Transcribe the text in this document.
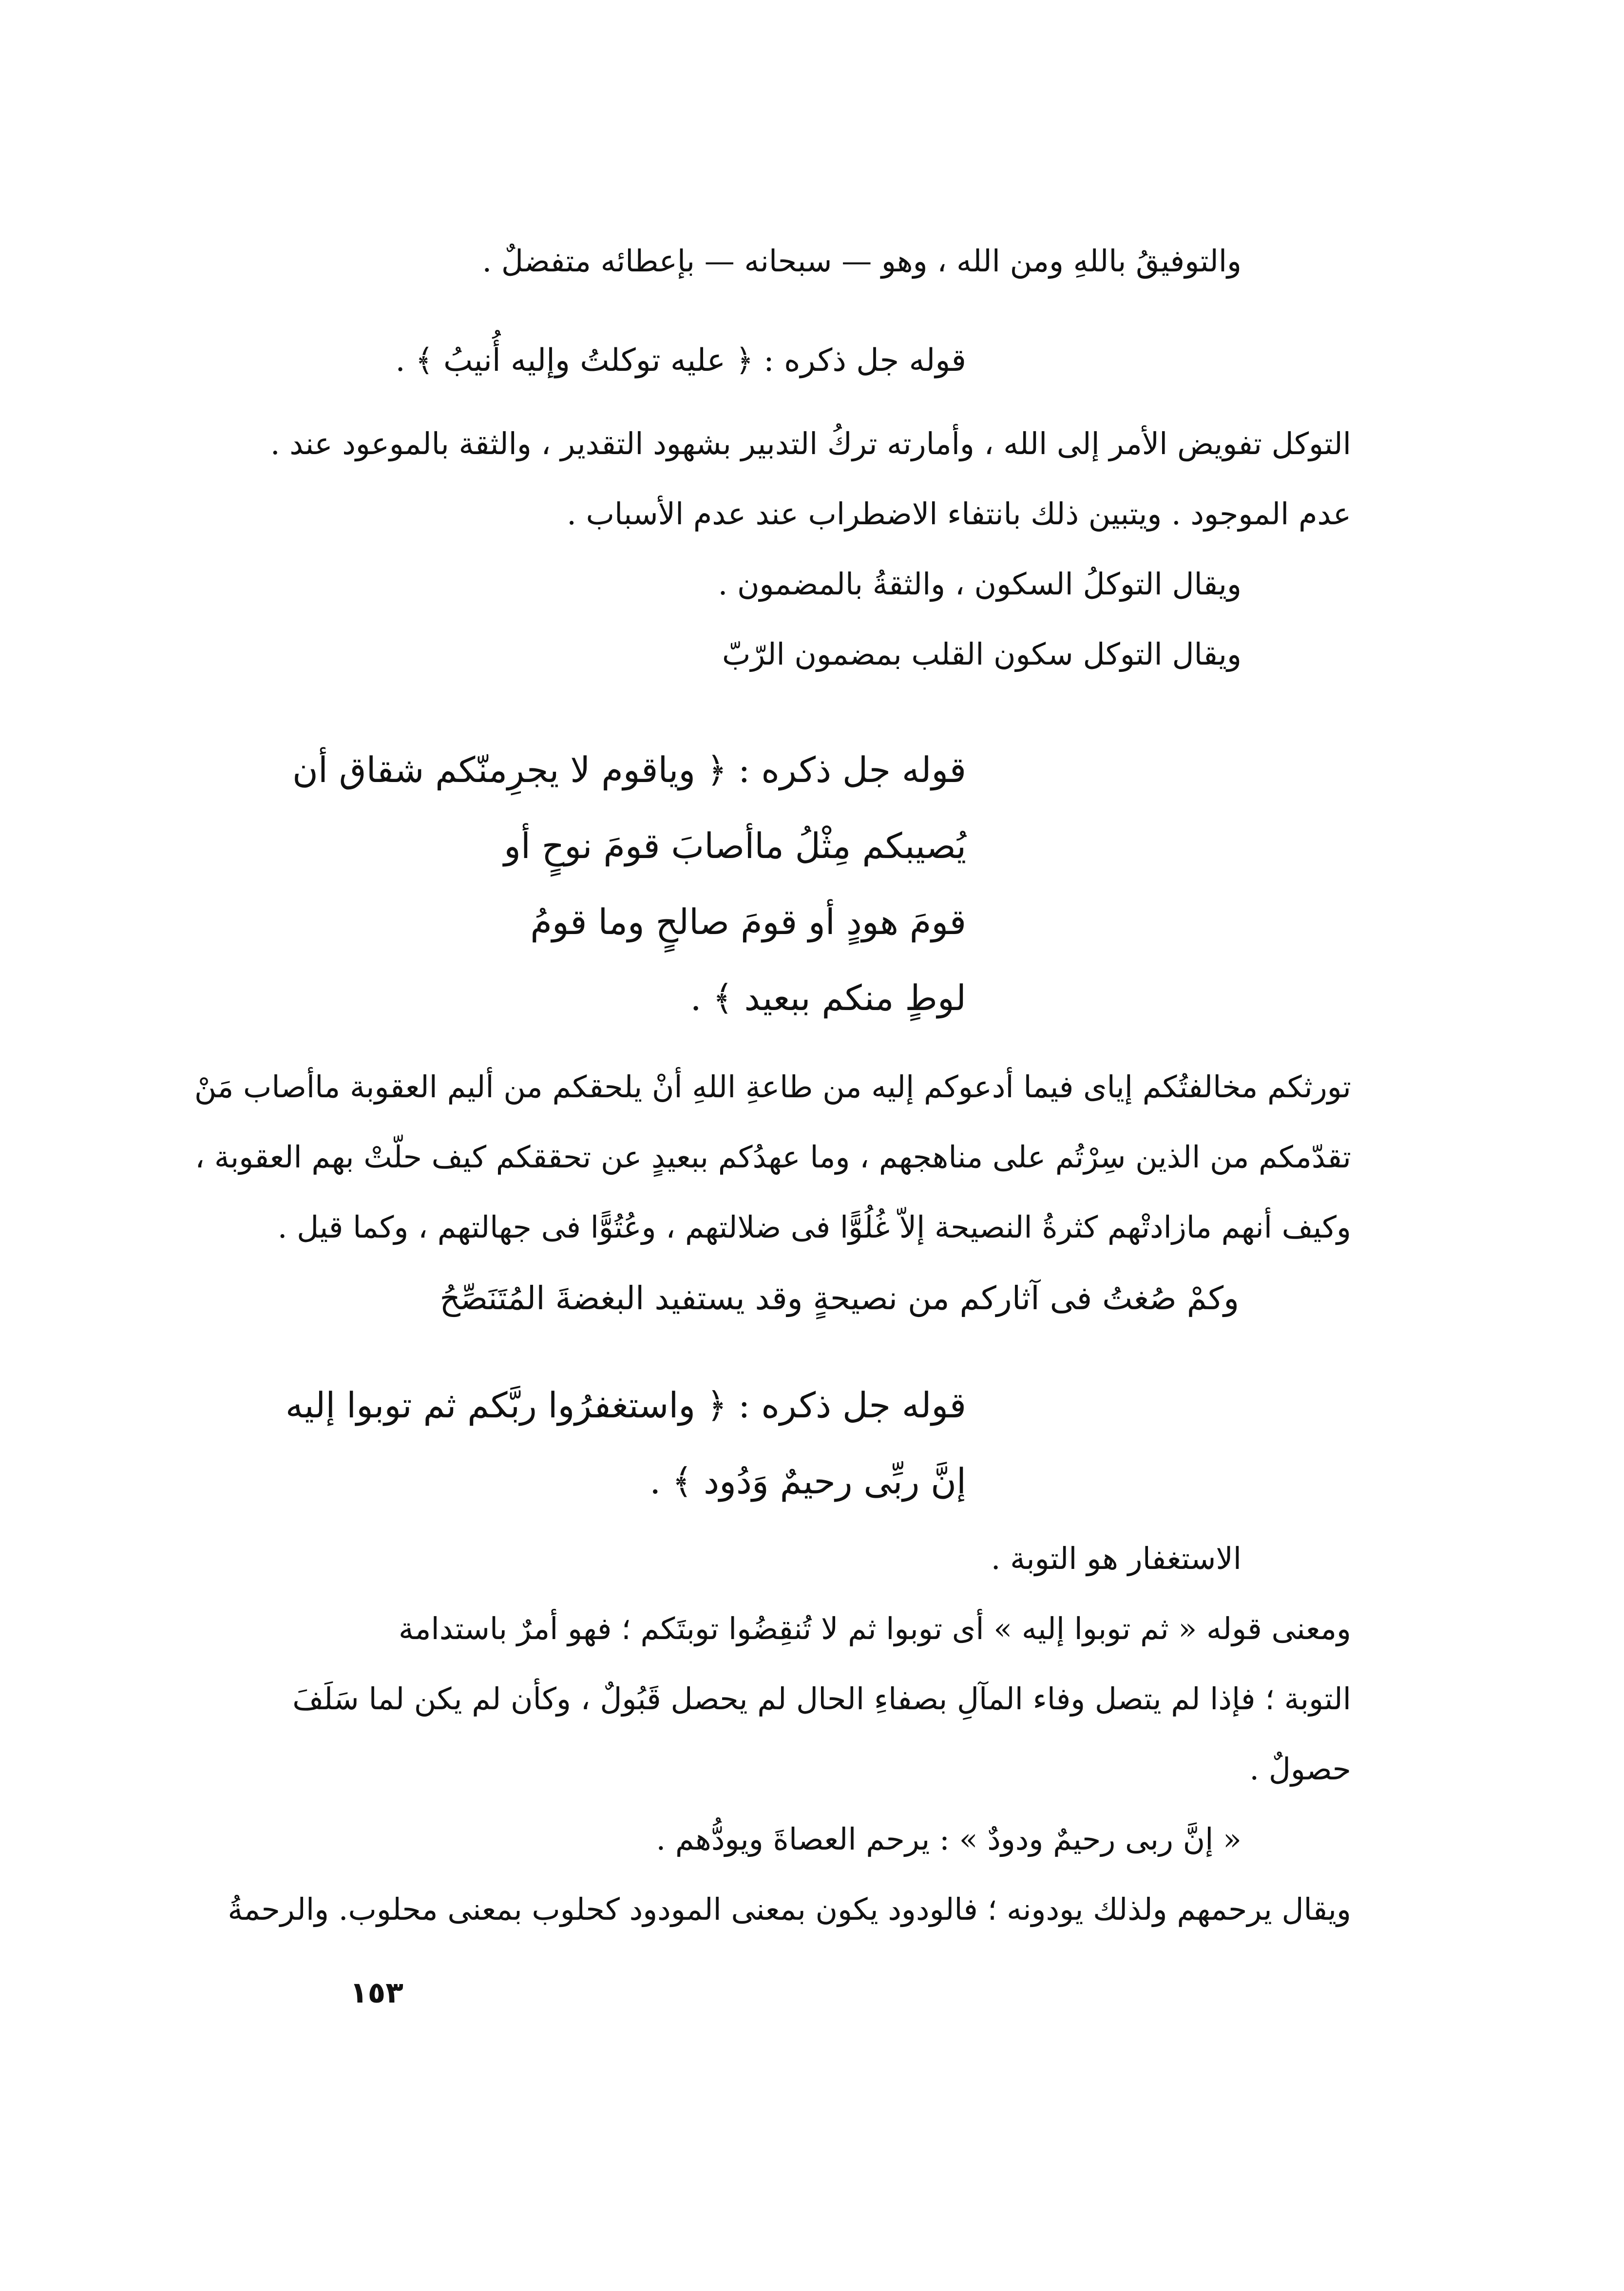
والتوفيقُ باللهِ ومن الله ، وهو — سبحانه — بإعطائه متفضلٌ .
قوله جل ذكره : ﴿ عليه توكلتُ وإليه أُنيبُ ﴾ .
التوكل تفويض الأمر إلى الله ، وأمارته تركُ التدبير بشهود التقدير ، والثقة بالموعود عند .
عدم الموجود . ويتبين ذلك بانتفاء الاضطراب عند عدم الأسباب .
ويقال التوكلُ السكون ، والثقةُ بالمضمون .
ويقال التوكل سكون القلب بمضمون الرّبّ
قوله جل ذكره : ﴿ وياقوم لا يجرِمنّكم شقاق أن
يُصيبكم مِثْلُ ماأصابَ قومَ نوحٍ أو
قومَ هودٍ أو قومَ صالحٍ وما قومُ
لوطٍ منكم ببعيد ﴾ .
تورثكم مخالفتُكم إياى فيما أدعوكم إليه من طاعةِ اللهِ أنْ يلحقكم من أليم العقوبة ماأصاب مَنْ
تقدّمكم من الذين سِرْتُم على مناهجهم ، وما عهدُكم ببعيدٍ عن تحققكم كيف حلّتْ بهم العقوبة ،
وكيف أنهم مازادتْهم كثرةُ النصيحة إلاّ غُلُوًّا فى ضلالتهم ، وعُتُوًّا فى جهالتهم ، وكما قيل .
وكمْ صُغتُ فى آثاركم من نصيحةٍ وقد يستفيد البغضةَ المُتَنَصِّحُ
قوله جل ذكره : ﴿ واستغفرُوا ربَّكم ثم توبوا إليه
إنَّ ربِّى رحيمٌ وَدُود ﴾ .
الاستغفار هو التوبة .
ومعنى قوله « ثم توبوا إليه » أى توبوا ثم لا تُنقِضُوا توبتَكم ؛ فهو أمرٌ باستدامة
التوبة ؛ فإذا لم يتصل وفاء المآلِ بصفاءِ الحال لم يحصل قَبُولٌ ، وكأن لم يكن لما سَلَفَ
حصولٌ .
« إنَّ ربى رحيمٌ ودودٌ » : يرحم العصاةَ ويودُّهم .
ويقال يرحمهم ولذلك يودونه ؛ فالودود يكون بمعنى المودود كحلوب بمعنى محلوب. والرحمةُ
١٥٣
